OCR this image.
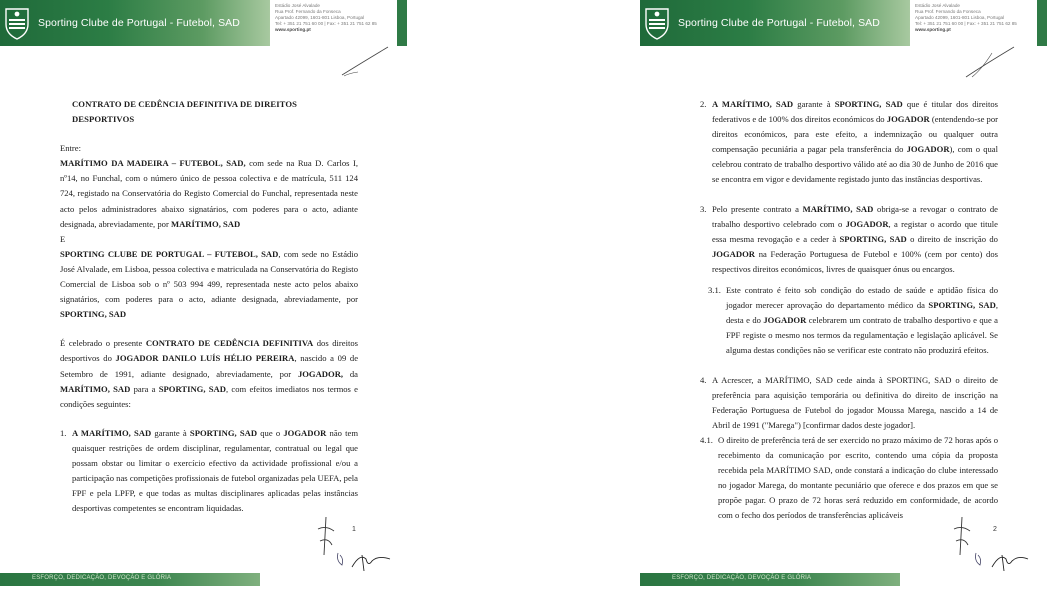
Sporting Clube de Portugal - Futebol, SAD
Estádio José Alvalade
Rua Prof. Fernando da Fonseca
Apartado 42099, 1601-801 Lisboa, Portugal
Tel: + 351 21 751 60 00 | Fax: + 351 21 751 62 85
www.sporting.pt

CONTRATO DE CEDÊNCIA DEFINITIVA DE DIREITOS DESPORTIVOS

Entre:

MARÍTIMO DA MADEIRA – FUTEBOL, SAD, com sede na Rua D. Carlos I, nº14, no Funchal, com o número único de pessoa colectiva e de matrícula, 511 124 724, registado na Conservatória do Registo Comercial do Funchal, representada neste acto pelos administradores abaixo signatários, com poderes para o acto, adiante designada, abreviadamente, por MARÍTIMO, SAD

E

SPORTING CLUBE DE PORTUGAL – FUTEBOL, SAD, com sede no Estádio José Alvalade, em Lisboa, pessoa colectiva e matriculada na Conservatória do Registo Comercial de Lisboa sob o nº 503 994 499, representada neste acto pelos abaixo signatários, com poderes para o acto, adiante designada, abreviadamente, por SPORTING, SAD

É celebrado o presente CONTRATO DE CEDÊNCIA DEFINITIVA dos direitos desportivos do JOGADOR DANILO LUÍS HÉLIO PEREIRA, nascido a 09 de Setembro de 1991, adiante designado, abreviadamente, por JOGADOR, da MARÍTIMO, SAD para a SPORTING, SAD, com efeitos imediatos nos termos e condições seguintes:

1. A MARÍTIMO, SAD garante à SPORTING, SAD que o JOGADOR não tem quaisquer restrições de ordem disciplinar, regulamentar, contratual ou legal que possam obstar ou limitar o exercício efectivo da actividade profissional e/ou a participação nas competições profissionais de futebol organizadas pela UEFA, pela FPF e pela LPFP, e que todas as multas disciplinares aplicadas pelas instâncias desportivas competentes se encontram liquidadas.

1
ESFORÇO, DEDICAÇÃO, DEVOÇÃO E GLÓRIA
Sporting Clube de Portugal - Futebol, SAD
Estádio José Alvalade
Rua Prof. Fernando da Fonseca
Apartado 42099, 1601-801 Lisboa, Portugal
Tel: + 351 21 751 60 00 | Fax: + 351 21 751 62 85
www.sporting.pt

2. A MARÍTIMO, SAD garante à SPORTING, SAD que é titular dos direitos federativos e de 100% dos direitos económicos do JOGADOR (entendendo-se por direitos económicos, para este efeito, a indemnização ou qualquer outra compensação pecuniária a pagar pela transferência do JOGADOR), com o qual celebrou contrato de trabalho desportivo válido até ao dia 30 de Junho de 2016 que se encontra em vigor e devidamente registado junto das instâncias desportivas.

3. Pelo presente contrato a MARÍTIMO, SAD obriga-se a revogar o contrato de trabalho desportivo celebrado com o JOGADOR, a registar o acordo que titule essa mesma revogação e a ceder à SPORTING, SAD o direito de inscrição do JOGADOR na Federação Portuguesa de Futebol e 100% (cem por cento) dos respectivos direitos económicos, livres de quaisquer ónus ou encargos.

3.1. Este contrato é feito sob condição do estado de saúde e aptidão física do jogador merecer aprovação do departamento médico da SPORTING, SAD, desta e do JOGADOR celebrarem um contrato de trabalho desportivo e que a FPF registe o mesmo nos termos da regulamentação e legislação aplicável. Se alguma destas condições não se verificar este contrato não produzirá efeitos.

4. A Acrescer, a MARÍTIMO, SAD cede ainda à SPORTING, SAD o direito de preferência para aquisição temporária ou definitiva do direito de inscrição na Federação Portuguesa de Futebol do jogador Moussa Marega, nascido a 14 de Abril de 1991 ("Marega") [confirmar dados deste jogador].

4.1. O direito de preferência terá de ser exercido no prazo máximo de 72 horas após o recebimento da comunicação por escrito, contendo uma cópia da proposta recebida pela MARÍTIMO SAD, onde constará a indicação do clube interessado no jogador Marega, do montante pecuniário que oferece e dos prazos em que se propõe pagar. O prazo de 72 horas será reduzido em conformidade, de acordo com o fecho dos períodos de transferências aplicáveis

2
ESFORÇO, DEDICAÇÃO, DEVOÇÃO E GLÓRIA
